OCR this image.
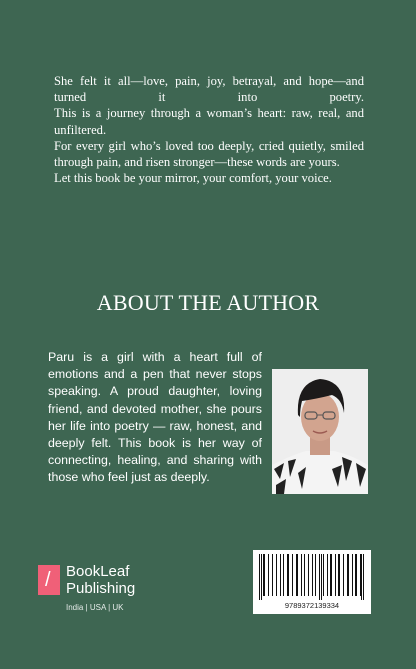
She felt it all—love, pain, joy, betrayal, and hope—and turned it into poetry.

This is a journey through a woman’s heart: raw, real, and unfiltered.

For every girl who’s loved too deeply, cried quietly, smiled through pain, and risen stronger—these words are yours.

Let this book be your mirror, your comfort, your voice.

ABOUT THE AUTHOR

Paru is a girl with a heart full of emotions and a pen that never stops speaking. A proud daughter, loving friend, and devoted mother, she pours her life into poetry — raw, honest, and deeply felt. This book is her way of connecting, healing, and sharing with those who feel just as deeply.

/ BookLeaf
Publishing
India | USA | UK	9789372139334
